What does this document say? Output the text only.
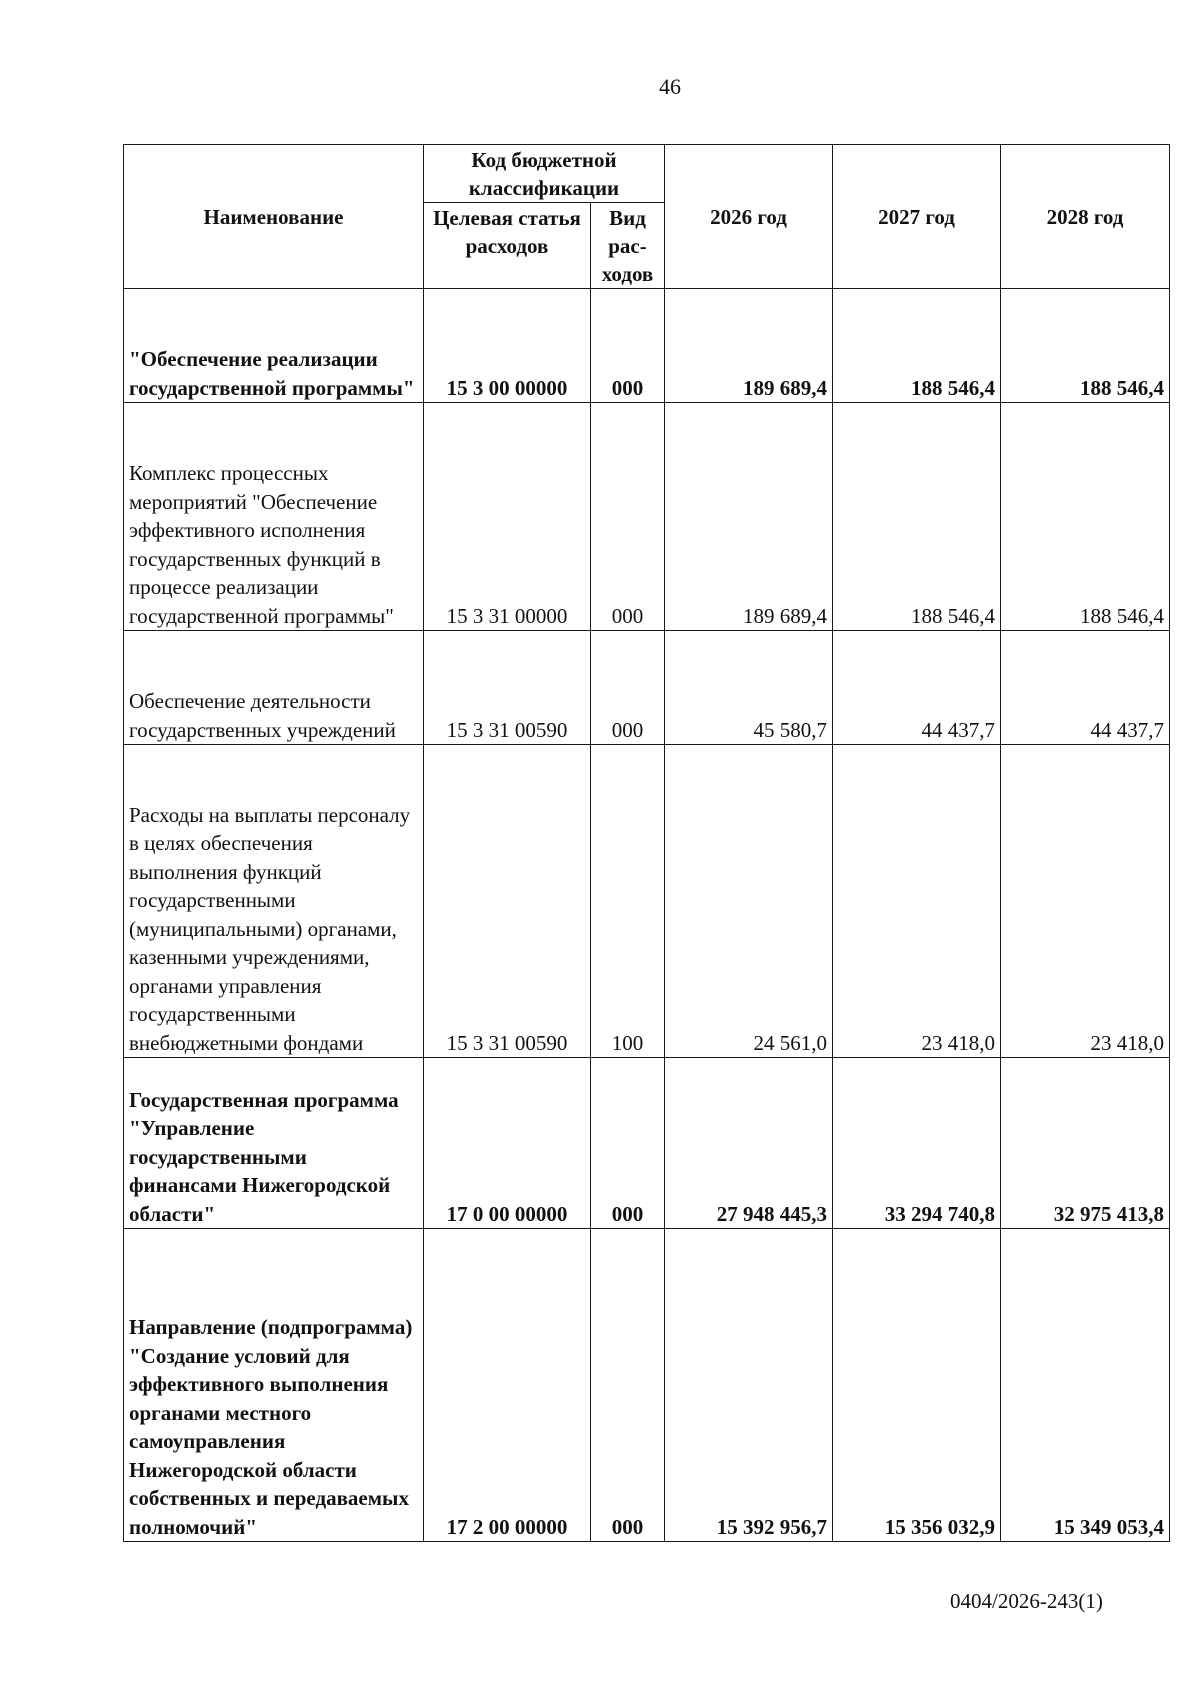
46
Наименование	Код бюджетной классификации		2026 год	2027 год	2028 год
	Целевая статья расходов	Вид рас-ходов			
"Обеспечение реализации государственной программы"	15 3 00 00000	000	189 689,4	188 546,4	188 546,4
Комплекс процессных мероприятий "Обеспечение эффективного исполнения государственных функций в процессе реализации государственной программы"	15 3 31 00000	000	189 689,4	188 546,4	188 546,4
Обеспечение деятельности государственных учреждений	15 3 31 00590	000	45 580,7	44 437,7	44 437,7
Расходы на выплаты персоналу в целях обеспечения выполнения функций государственными (муниципальными) органами, казенными учреждениями, органами управления государственными внебюджетными фондами	15 3 31 00590	100	24 561,0	23 418,0	23 418,0
Государственная программа "Управление государственными финансами Нижегородской области"	17 0 00 00000	000	27 948 445,3	33 294 740,8	32 975 413,8
Направление (подпрограмма) "Создание условий для эффективного выполнения органами местного самоуправления Нижегородской области собственных и передаваемых полномочий"	17 2 00 00000	000	15 392 956,7	15 356 032,9	15 349 053,4
0404/2026-243(1)
